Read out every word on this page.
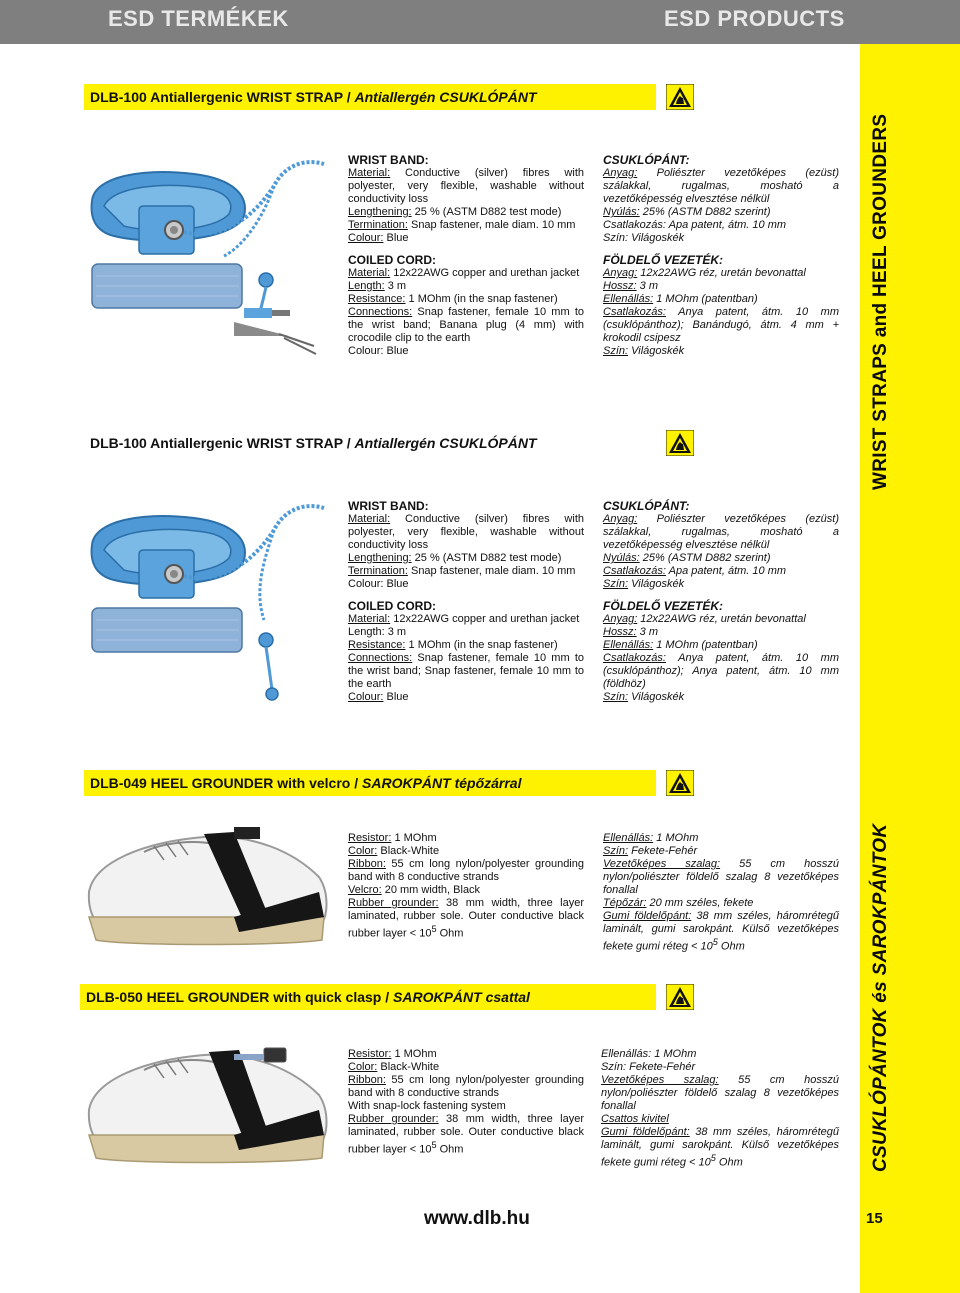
ESD TERMÉKEK	ESD PRODUCTS
WRIST STRAPS and HEEL GROUNDERS
CSUKLÓPÁNTOK és SAROKPÁNTOK
15
DLB-100 Antiallergenic WRIST STRAP / Antiallergén CSUKLÓPÁNT
WRIST BAND:

Material: Conductive (silver) fibres with polyester, very flexible, washable without conductivity loss

Lengthening: 25 % (ASTM D882 test mode)

Termination: Snap fastener, male diam. 10 mm

Colour: Blue

COILED CORD:

Material: 12x22AWG copper and urethan jacket

Length: 3 m

Resistance: 1 MOhm (in the snap fastener)

Connections: Snap fastener, female 10 mm to the wrist band; Banana plug (4 mm) with crocodile clip to the earth

Colour: Blue

CSUKLÓPÁNT:

Anyag: Poliészter vezetőképes (ezüst) szálakkal, rugalmas, mosható a vezetőképesség elvesztése nélkül

Nyúlás: 25% (ASTM D882 szerint)

Csatlakozás: Apa patent, átm. 10 mm

Szín: Világoskék

FÖLDELŐ VEZETÉK:

Anyag: 12x22AWG réz, uretán bevonattal

Hossz: 3 m

Ellenállás: 1 MOhm (patentban)

Csatlakozás: Anya patent, átm. 10 mm (csuklópánthoz); Banándugó, átm. 4 mm + krokodil csipesz

Szín: Világoskék

DLB-100 Antiallergenic WRIST STRAP / Antiallergén CSUKLÓPÁNT
WRIST BAND:

Material: Conductive (silver) fibres with polyester, very flexible, washable without conductivity loss

Lengthening: 25 % (ASTM D882 test mode)

Termination: Snap fastener, male diam. 10 mm

Colour: Blue

COILED CORD:

Material: 12x22AWG copper and urethan jacket

Length: 3 m

Resistance: 1 MOhm (in the snap fastener)

Connections: Snap fastener, female 10 mm to the wrist band; Snap fastener, female 10 mm to the earth

Colour: Blue

CSUKLÓPÁNT:

Anyag: Poliészter vezetőképes (ezüst) szálakkal, rugalmas, mosható a vezetőképesség elvesztése nélkül

Nyúlás: 25% (ASTM D882 szerint)

Csatlakozás: Apa patent, átm. 10 mm

Szín: Világoskék

FÖLDELŐ VEZETÉK:

Anyag: 12x22AWG réz, uretán bevonattal

Hossz: 3 m

Ellenállás: 1 MOhm (patentban)

Csatlakozás: Anya patent, átm. 10 mm (csuklópánthoz); Anya patent, átm. 10 mm (földhöz)

Szín: Világoskék

DLB-049 HEEL GROUNDER with velcro / SAROKPÁNT tépőzárral

Resistor: 1 MOhm

Color: Black-White

Ribbon: 55 cm long nylon/polyester grounding band with 8 conductive strands

Velcro: 20 mm width, Black

Rubber grounder: 38 mm width, three layer laminated, rubber sole. Outer conductive black rubber layer < $10^5$ Ohm

Ellenállás: 1 MOhm

Szín: Fekete-Fehér

Vezetőképes szalag: 55 cm hosszú nylon/poliészter földelő szalag 8 vezetőképes fonallal

Tépőzár: 20 mm széles, fekete

Gumi földelőpánt: 38 mm széles, háromrétegű laminált, gumi sarokpánt. Külső vezetőképes fekete gumi réteg < $10^5$ Ohm

DLB-050 HEEL GROUNDER with quick clasp / SAROKPÁNT csattal

Resistor: 1 MOhm

Color: Black-White

Ribbon: 55 cm long nylon/polyester grounding band with 8 conductive strands

With snap-lock fastening system

Rubber grounder: 38 mm width, three layer laminated, rubber sole. Outer conductive black rubber layer < $10^5$ Ohm

Ellenállás: 1 MOhm

Szín: Fekete-Fehér

Vezetőképes szalag: 55 cm hosszú nylon/poliészter földelő szalag 8 vezetőképes fonallal

Csattos kivitel

Gumi földelőpánt: 38 mm széles, háromrétegű laminált, gumi sarokpánt. Külső vezetőképes fekete gumi réteg < $10^5$ Ohm

www.dlb.hu
